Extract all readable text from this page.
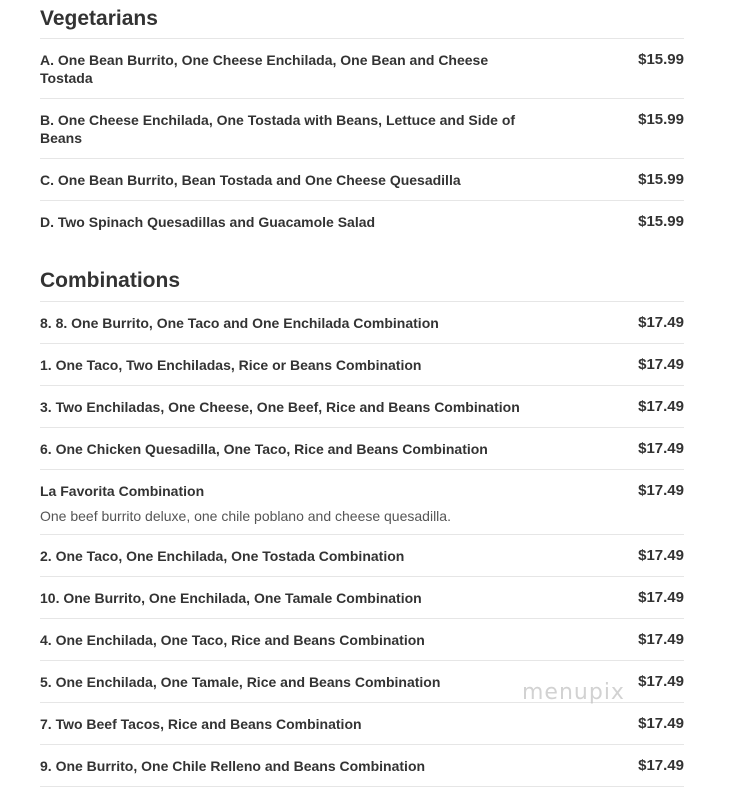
Vegetarians
A. One Bean Burrito, One Cheese Enchilada, One Bean and Cheese Tostada
$15.99
B. One Cheese Enchilada, One Tostada with Beans, Lettuce and Side of Beans
$15.99
C. One Bean Burrito, Bean Tostada and One Cheese Quesadilla	$15.99
D. Two Spinach Quesadillas and Guacamole Salad	$15.99
Combinations
8. 8. One Burrito, One Taco and One Enchilada Combination	$17.49
1. One Taco, Two Enchiladas, Rice or Beans Combination	$17.49
3. Two Enchiladas, One Cheese, One Beef, Rice and Beans Combination	$17.49
6. One Chicken Quesadilla, One Taco, Rice and Beans Combination	$17.49
La Favorita Combination
One beef burrito deluxe, one chile poblano and cheese quesadilla.
$17.49
2. One Taco, One Enchilada, One Tostada Combination	$17.49
10. One Burrito, One Enchilada, One Tamale Combination	$17.49
4. One Enchilada, One Taco, Rice and Beans Combination	$17.49
5. One Enchilada, One Tamale, Rice and Beans Combination	$17.49
7. Two Beef Tacos, Rice and Beans Combination	$17.49
9. One Burrito, One Chile Relleno and Beans Combination	$17.49
menupix
